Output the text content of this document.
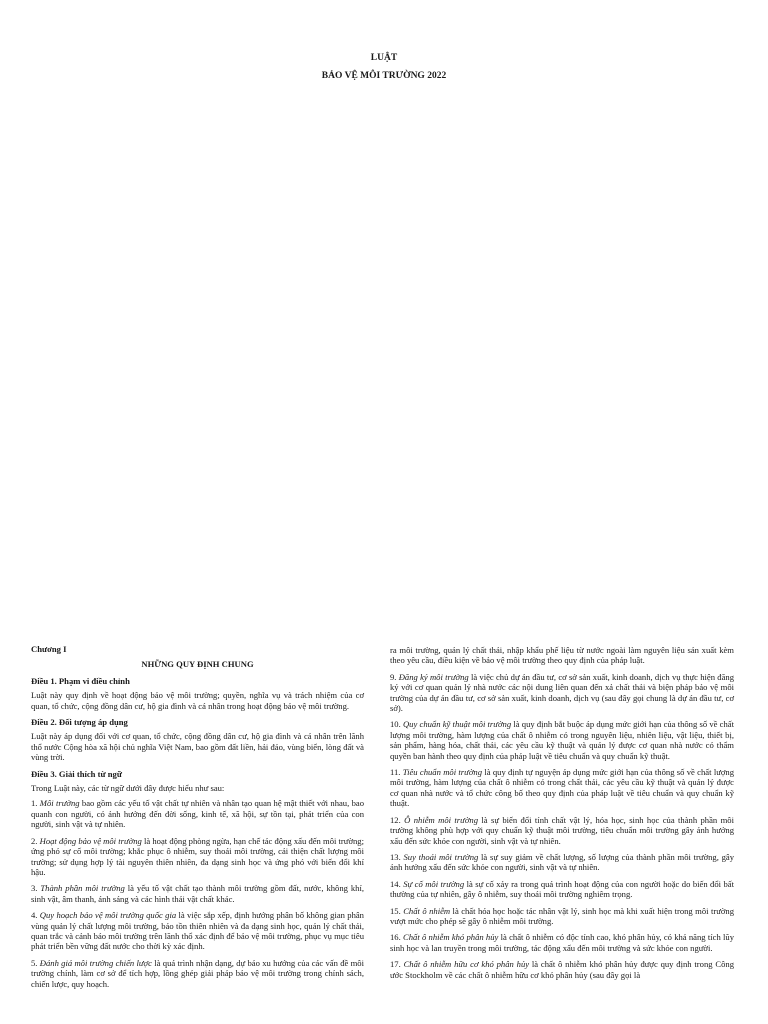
LUẬT
BẢO VỆ MÔI TRƯỜNG 2022
Chương I
NHỮNG QUY ĐỊNH CHUNG
Điều 1. Phạm vi điều chỉnh
Luật này quy định về hoạt động bảo vệ môi trường; quyền, nghĩa vụ và trách nhiệm của cơ quan, tổ chức, cộng đồng dân cư, hộ gia đình và cá nhân trong hoạt động bảo vệ môi trường.
Điều 2. Đối tượng áp dụng
Luật này áp dụng đối với cơ quan, tổ chức, cộng đồng dân cư, hộ gia đình và cá nhân trên lãnh thổ nước Cộng hòa xã hội chủ nghĩa Việt Nam, bao gồm đất liền, hải đảo, vùng biển, lòng đất và vùng trời.
Điều 3. Giải thích từ ngữ
Trong Luật này, các từ ngữ dưới đây được hiểu như sau:
1. Môi trường bao gồm các yếu tố vật chất tự nhiên và nhân tạo quan hệ mật thiết với nhau, bao quanh con người, có ảnh hưởng đến đời sống, kinh tế, xã hội, sự tồn tại, phát triển của con người, sinh vật và tự nhiên.
2. Hoạt động bảo vệ môi trường là hoạt động phòng ngừa, hạn chế tác động xấu đến môi trường; ứng phó sự cố môi trường; khắc phục ô nhiễm, suy thoái môi trường, cải thiện chất lượng môi trường; sử dụng hợp lý tài nguyên thiên nhiên, đa dạng sinh học và ứng phó với biến đổi khí hậu.
3. Thành phần môi trường là yếu tố vật chất tạo thành môi trường gồm đất, nước, không khí, sinh vật, âm thanh, ánh sáng và các hình thái vật chất khác.
4. Quy hoạch bảo vệ môi trường quốc gia là việc sắp xếp, định hướng phân bố không gian phân vùng quản lý chất lượng môi trường, bảo tồn thiên nhiên và đa dạng sinh học, quản lý chất thải, quan trắc và cảnh báo môi trường trên lãnh thổ xác định để bảo vệ môi trường, phục vụ mục tiêu phát triển bền vững đất nước cho thời kỳ xác định.
5. Đánh giá môi trường chiến lược là quá trình nhận dạng, dự báo xu hướng của các vấn đề môi trường chính, làm cơ sở để tích hợp, lồng ghép giải pháp bảo vệ môi trường trong chính sách, chiến lược, quy hoạch.
ra môi trường, quản lý chất thải, nhập khẩu phế liệu từ nước ngoài làm nguyên liệu sản xuất kèm theo yêu cầu, điều kiện về bảo vệ môi trường theo quy định của pháp luật.
9. Đăng ký môi trường là việc chủ dự án đầu tư, cơ sở sản xuất, kinh doanh, dịch vụ thực hiện đăng ký với cơ quan quản lý nhà nước các nội dung liên quan đến xả chất thải và biện pháp bảo vệ môi trường của dự án đầu tư, cơ sở sản xuất, kinh doanh, dịch vụ (sau đây gọi chung là dự án đầu tư, cơ sở).
10. Quy chuẩn kỹ thuật môi trường là quy định bắt buộc áp dụng mức giới hạn của thông số về chất lượng môi trường, hàm lượng của chất ô nhiễm có trong nguyên liệu, nhiên liệu, vật liệu, thiết bị, sản phẩm, hàng hóa, chất thải, các yêu cầu kỹ thuật và quản lý được cơ quan nhà nước có thẩm quyền ban hành theo quy định của pháp luật về tiêu chuẩn và quy chuẩn kỹ thuật.
11. Tiêu chuẩn môi trường là quy định tự nguyện áp dụng mức giới hạn của thông số về chất lượng môi trường, hàm lượng của chất ô nhiễm có trong chất thải, các yêu cầu kỹ thuật và quản lý được cơ quan nhà nước và tổ chức công bố theo quy định của pháp luật về tiêu chuẩn và quy chuẩn kỹ thuật.
12. Ô nhiễm môi trường là sự biến đổi tính chất vật lý, hóa học, sinh học của thành phần môi trường không phù hợp với quy chuẩn kỹ thuật môi trường, tiêu chuẩn môi trường gây ảnh hưởng xấu đến sức khỏe con người, sinh vật và tự nhiên.
13. Suy thoái môi trường là sự suy giảm về chất lượng, số lượng của thành phần môi trường, gây ảnh hưởng xấu đến sức khỏe con người, sinh vật và tự nhiên.
14. Sự cố môi trường là sự cố xảy ra trong quá trình hoạt động của con người hoặc do biến đổi bất thường của tự nhiên, gây ô nhiễm, suy thoái môi trường nghiêm trọng.
15. Chất ô nhiễm là chất hóa học hoặc tác nhân vật lý, sinh học mà khi xuất hiện trong môi trường vượt mức cho phép sẽ gây ô nhiễm môi trường.
16. Chất ô nhiễm khó phân hủy là chất ô nhiễm có độc tính cao, khó phân hủy, có khả năng tích lũy sinh học và lan truyền trong môi trường, tác động xấu đến môi trường và sức khỏe con người.
17. Chất ô nhiễm hữu cơ khó phân hủy là chất ô nhiễm khó phân hủy được quy định trong Công ước Stockholm về các chất ô nhiễm hữu cơ khó phân hủy (sau đây gọi là
